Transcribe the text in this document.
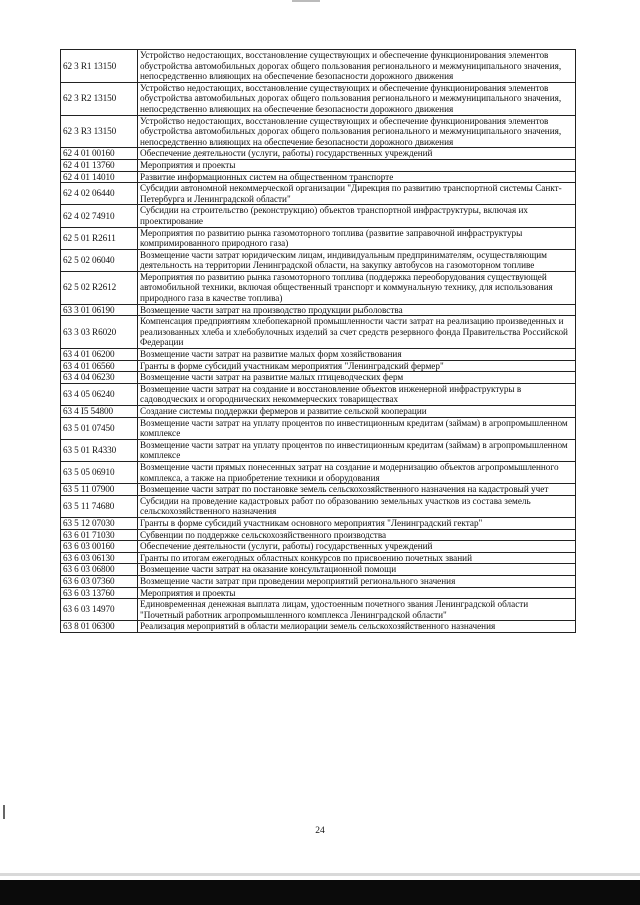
62 3 R1 13150	Устройство недостающих, восстановление существующих и обеспечение функционирования элементов обустройства автомобильных дорогах общего пользования регионального и межмуниципального значения, непосредственно влияющих на обеспечение безопасности дорожного движения
62 3 R2 13150	Устройство недостающих, восстановление существующих и обеспечение функционирования элементов обустройства автомобильных дорогах общего пользования регионального и межмуниципального значения, непосредственно влияющих на обеспечение безопасности дорожного движения
62 3 R3 13150	Устройство недостающих, восстановление существующих и обеспечение функционирования элементов обустройства автомобильных дорогах общего пользования регионального и межмуниципального значения, непосредственно влияющих на обеспечение безопасности дорожного движения
62 4 01 00160	Обеспечение деятельности (услуги, работы) государственных учреждений
62 4 01 13760	Мероприятия и проекты
62 4 01 14010	Развитие информационных систем на общественном транспорте
62 4 02 06440	Субсидии автономной некоммерческой организации "Дирекция по развитию транспортной системы Санкт-Петербурга и Ленинградской области"
62 4 02 74910	Субсидии на строительство (реконструкцию) объектов транспортной инфраструктуры, включая их проектирование
62 5 01 R2611	Мероприятия по развитию рынка газомоторного топлива (развитие заправочной инфраструктуры компримированного природного газа)
62 5 02 06040	Возмещение части затрат юридическим лицам, индивидуальным предпринимателям, осуществляющим деятельность на территории Ленинградской области, на закупку автобусов на газомоторном топливе
62 5 02 R2612	Мероприятия по развитию рынка газомоторного топлива (поддержка переоборудования существующей автомобильной техники, включая общественный транспорт и коммунальную технику, для использования природного газа в качестве топлива)
63 3 01 06190	Возмещение части затрат на производство продукции рыболовства
63 3 03 R6020	Компенсация предприятиям хлебопекарной промышленности части затрат на реализацию произведенных и реализованных хлеба и хлебобулочных изделий за счет средств резервного фонда Правительства Российской Федерации
63 4 01 06200	Возмещение части затрат на развитие малых форм хозяйствования
63 4 01 06560	Гранты в форме субсидий участникам мероприятия "Ленинградский фермер"
63 4 04 06230	Возмещение части затрат на развитие малых птицеводческих ферм
63 4 05 06240	Возмещение части затрат на создание и восстановление объектов инженерной инфраструктуры в садоводческих и огороднических некоммерческих товариществах
63 4 I5 54800	Создание системы поддержки фермеров и развитие сельской кооперации
63 5 01 07450	Возмещение части затрат на уплату процентов по инвестиционным кредитам (займам) в агропромышленном комплексе
63 5 01 R4330	Возмещение части затрат на уплату процентов по инвестиционным кредитам (займам) в агропромышленном комплексе
63 5 05 06910	Возмещение части прямых понесенных затрат на создание и модернизацию объектов агропромышленного комплекса, а также на приобретение техники и оборудования
63 5 11 07900	Возмещение части затрат по постановке земель сельскохозяйственного назначения на кадастровый учет
63 5 11 74680	Субсидии на проведение кадастровых работ по образованию земельных участков из состава земель сельскохозяйственного назначения
63 5 12 07030	Гранты в форме субсидий участникам основного мероприятия "Ленинградский гектар"
63 6 01 71030	Субвенции по поддержке сельскохозяйственного производства
63 6 03 00160	Обеспечение деятельности (услуги, работы) государственных учреждений
63 6 03 06130	Гранты по итогам ежегодных областных конкурсов по присвоению почетных званий
63 6 03 06800	Возмещение части затрат на оказание консультационной помощи
63 6 03 07360	Возмещение части затрат при проведении мероприятий регионального значения
63 6 03 13760	Мероприятия и проекты
63 6 03 14970	Единовременная денежная выплата лицам, удостоенным почетного звания Ленинградской области "Почетный работник агропромышленного комплекса Ленинградской области"
63 8 01 06300	Реализация мероприятий в области мелиорации земель сельскохозяйственного назначения
24
